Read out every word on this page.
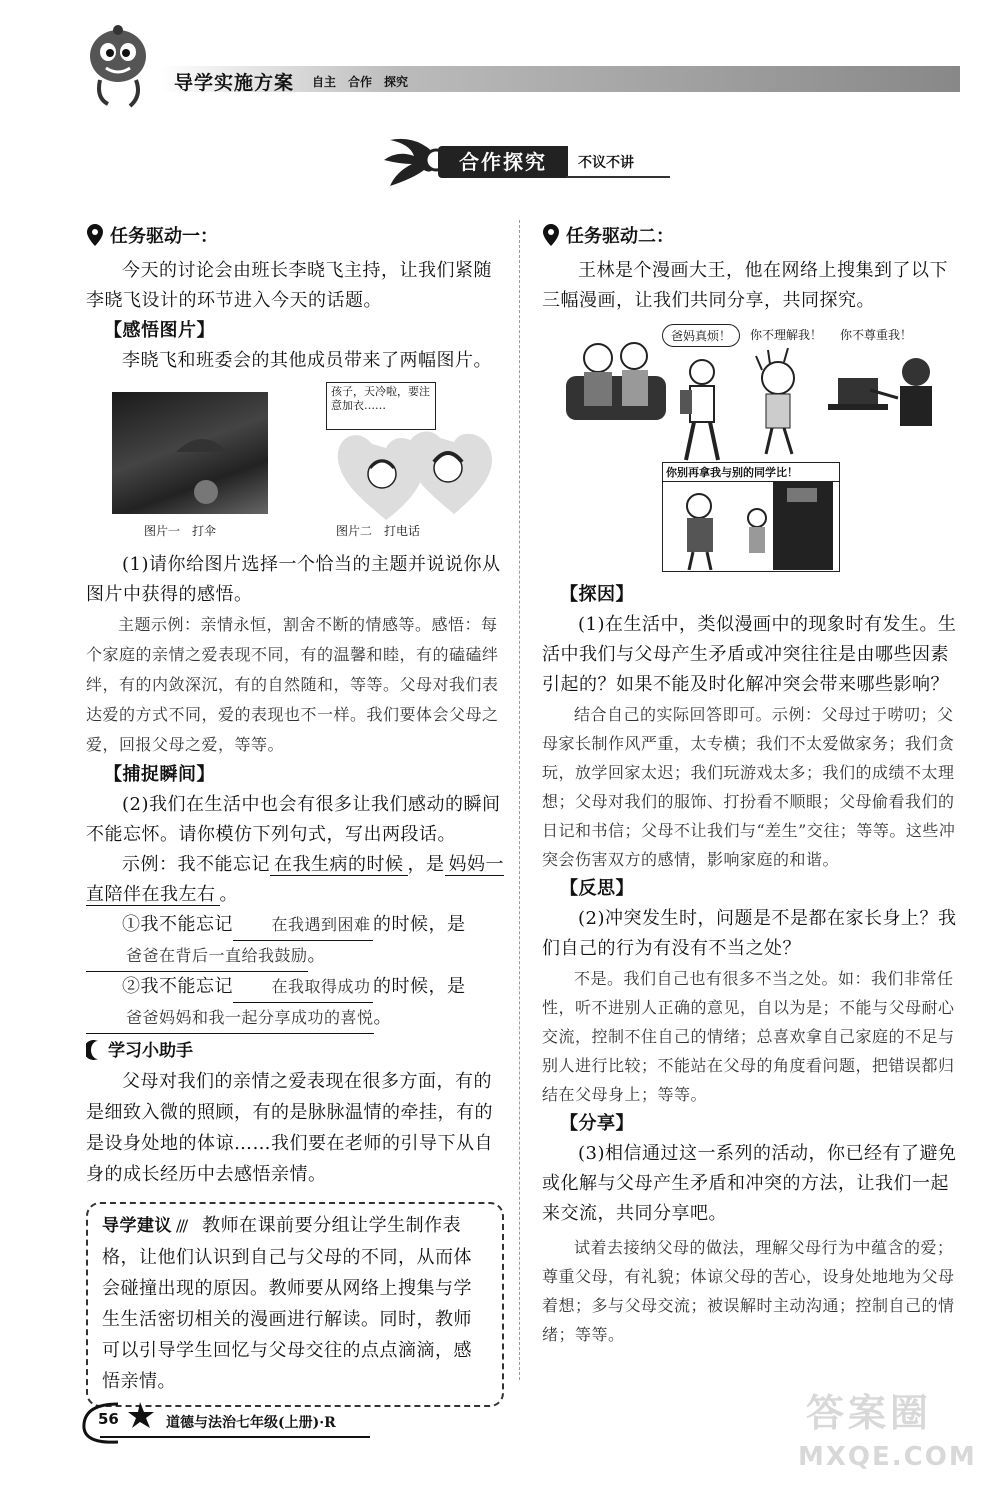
导学实施方案 自主　合作　探究
合作探究	不议不讲
任务驱动一：
今天的讨论会由班长李晓飞主持，让我们紧随李晓飞设计的环节进入今天的话题。
【感悟图片】
李晓飞和班委会的其他成员带来了两幅图片。
孩子，天冷啦，要注意加衣……
图片一　打伞	图片二　打电话
(1)请你给图片选择一个恰当的主题并说说你从图片中获得的感悟。
主题示例：亲情永恒，割舍不断的情感等。感悟：每个家庭的亲情之爱表现不同，有的温馨和睦，有的磕磕绊绊，有的内敛深沉，有的自然随和，等等。父母对我们表达爱的方式不同，爱的表现也不一样。我们要体会父母之爱，回报父母之爱，等等。
【捕捉瞬间】
(2)我们在生活中也会有很多让我们感动的瞬间不能忘怀。请你模仿下列句式，写出两段话。
示例：我不能忘记 在我生病的时候 ，是 妈妈一直陪伴在我左右 。
①我不能忘记 在我遇到困难 的时候，是爸爸在背后一直给我鼓励。
②我不能忘记 在我取得成功 的时候，是爸爸妈妈和我一起分享成功的喜悦。
学习小助手
父母对我们的亲情之爱表现在很多方面，有的是细致入微的照顾，有的是脉脉温情的牵挂，有的是设身处地的体谅……我们要在老师的引导下从自身的成长经历中去感悟亲情。
导学建议 /// 教师在课前要分组让学生制作表格，让他们认识到自己与父母的不同，从而体会碰撞出现的原因。教师要从网络上搜集与学生生活密切相关的漫画进行解读。同时，教师可以引导学生回忆与父母交往的点点滴滴，感悟亲情。
任务驱动二：
王林是个漫画大王，他在网络上搜集到了以下三幅漫画，让我们共同分享，共同探究。
爸妈真烦！	你不理解我！ 你不尊重我！
你别再拿我与别的同学比！
【探因】
(1)在生活中，类似漫画中的现象时有发生。生活中我们与父母产生矛盾或冲突往往是由哪些因素引起的？如果不能及时化解冲突会带来哪些影响？
结合自己的实际回答即可。示例：父母过于唠叨；父母家长制作风严重，太专横；我们不太爱做家务；我们贪玩，放学回家太迟；我们玩游戏太多；我们的成绩不太理想；父母对我们的服饰、打扮看不顺眼；父母偷看我们的日记和书信；父母不让我们与“差生”交往；等等。这些冲突会伤害双方的感情，影响家庭的和谐。
【反思】
(2)冲突发生时，问题是不是都在家长身上？我们自己的行为有没有不当之处？
不是。我们自己也有很多不当之处。如：我们非常任性，听不进别人正确的意见，自以为是；不能与父母耐心交流，控制不住自己的情绪；总喜欢拿自己家庭的不足与别人进行比较；不能站在父母的角度看问题，把错误都归结在父母身上；等等。
【分享】
(3)相信通过这一系列的活动，你已经有了避免或化解与父母产生矛盾和冲突的方法，让我们一起来交流，共同分享吧。
试着去接纳父母的做法，理解父母行为中蕴含的爱；尊重父母，有礼貌；体谅父母的苦心，设身处地地为父母着想；多与父母交流；被误解时主动沟通；控制自己的情绪；等等。
56	道德与法治七年级(上册)·R	答案圈
MXQE.COM
